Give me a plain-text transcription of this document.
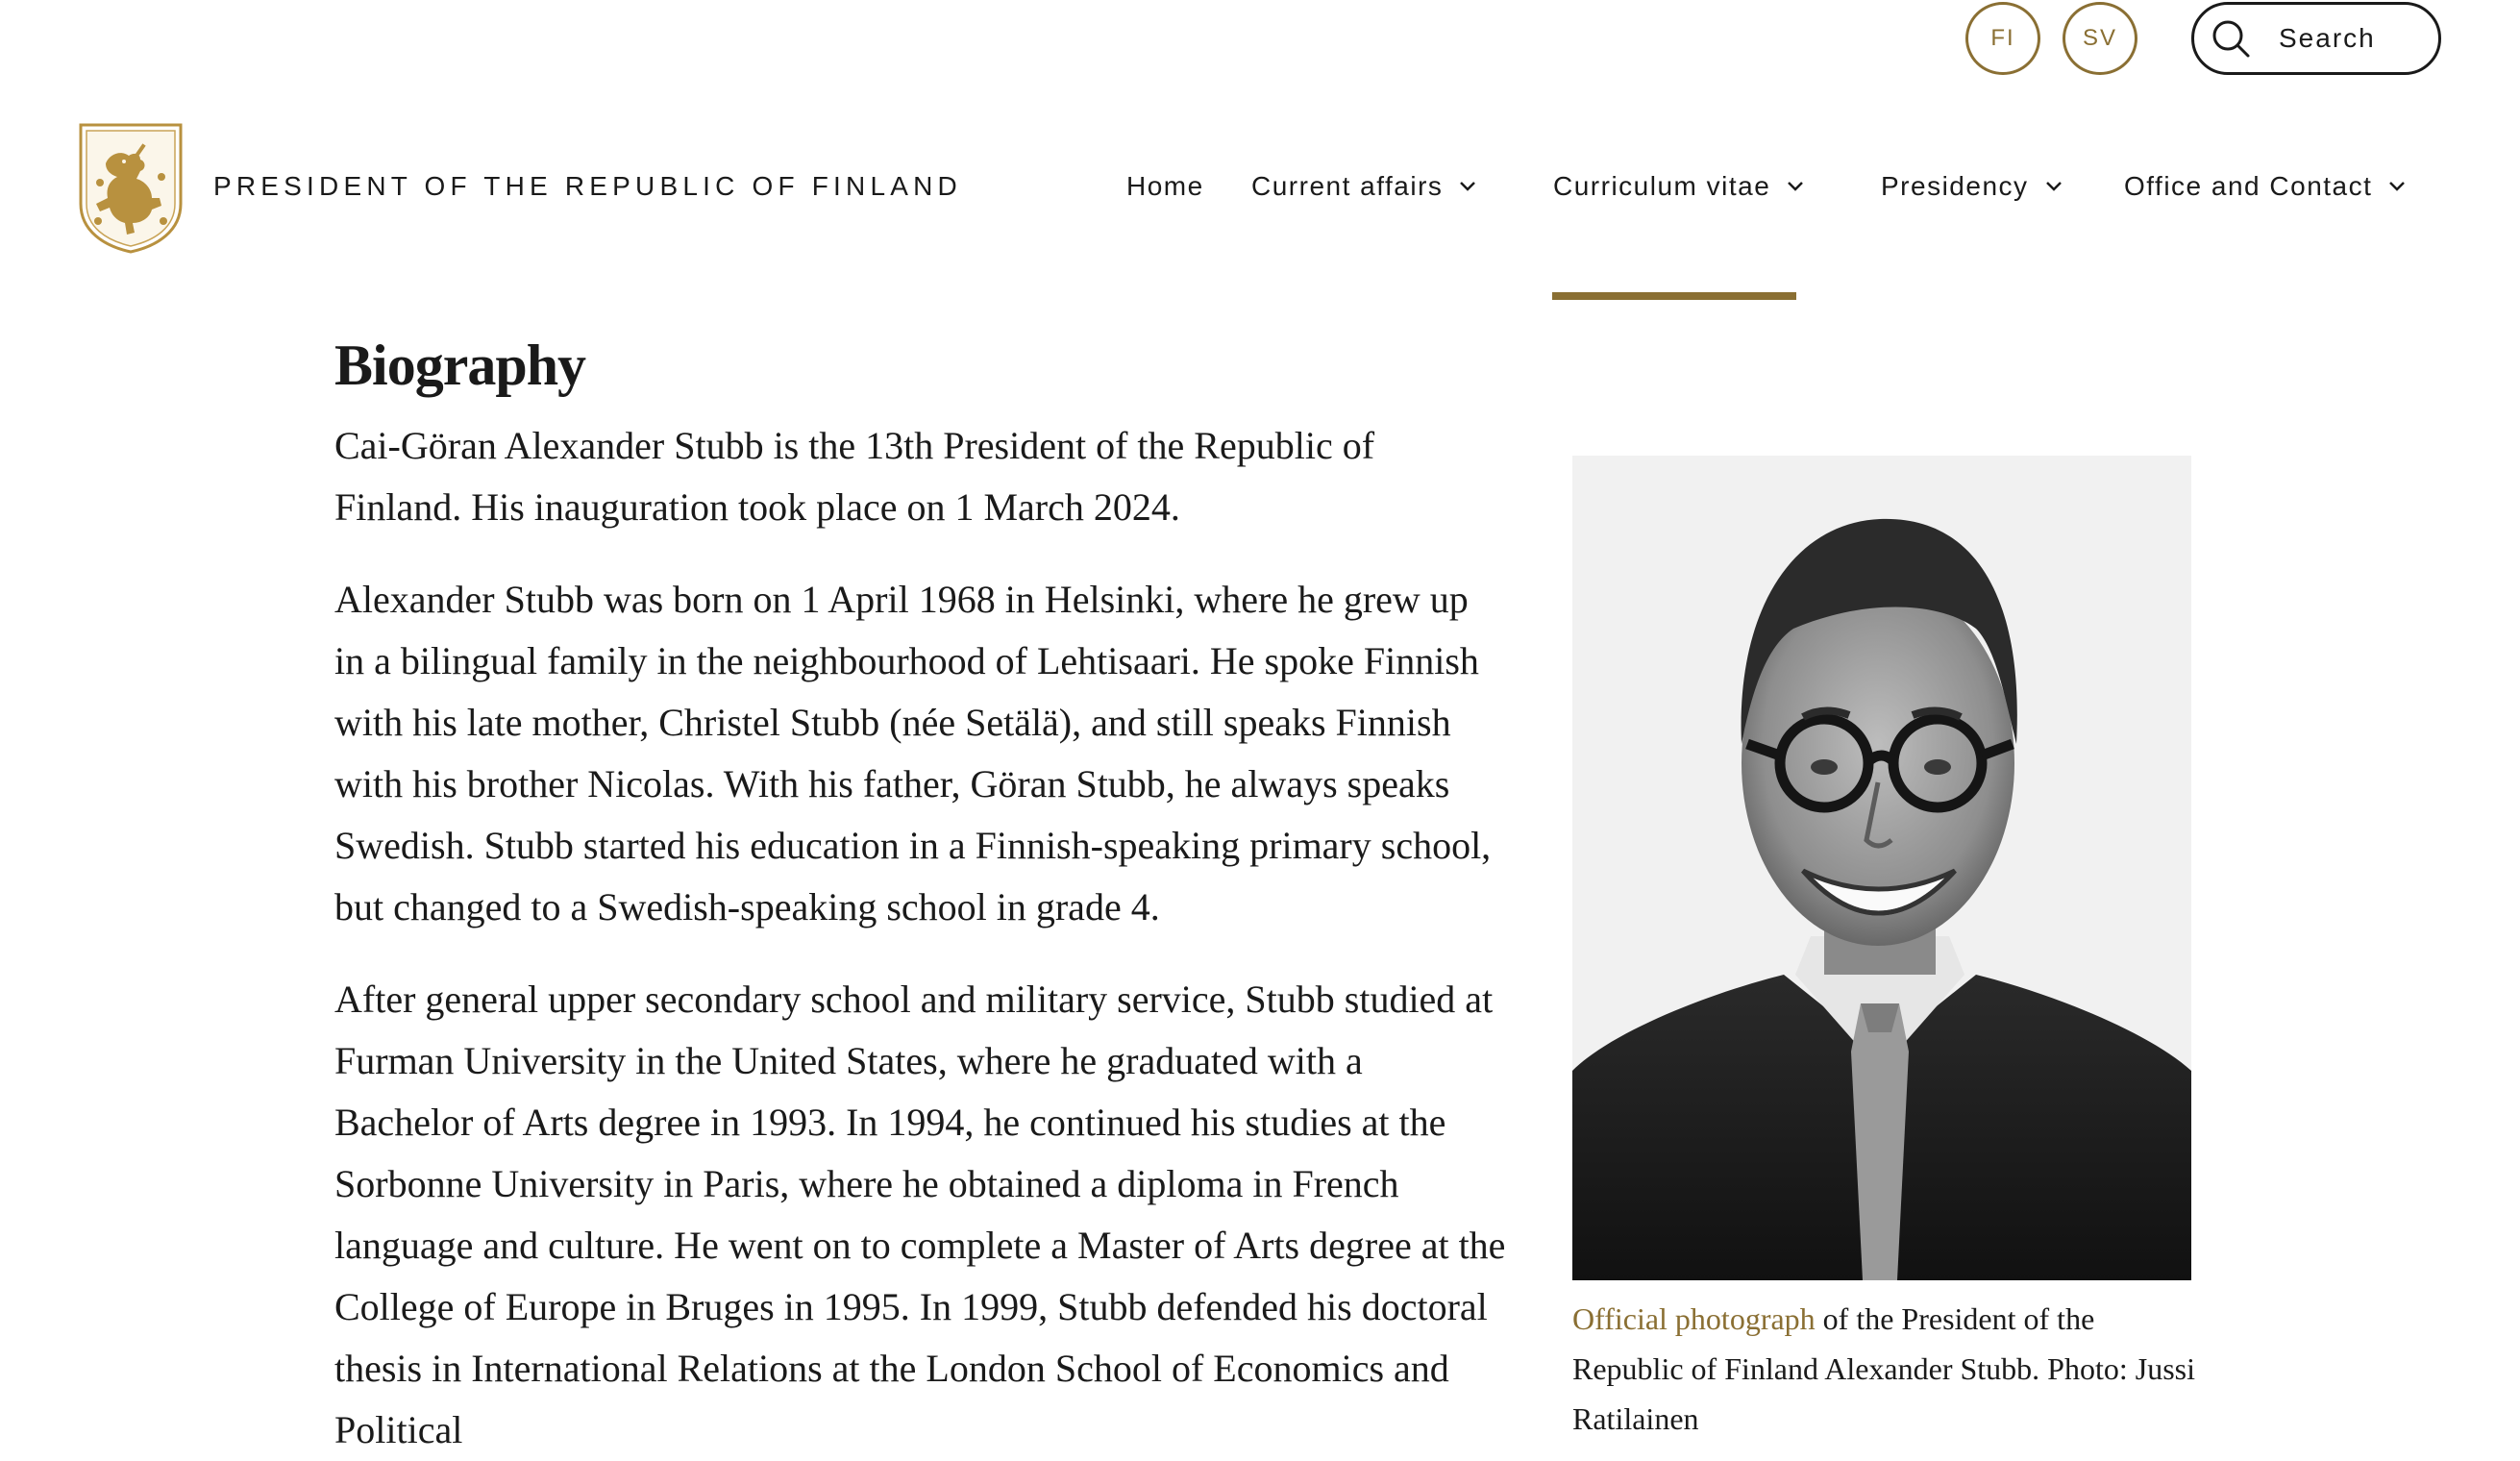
FI	SV	Search
PRESIDENT OF THE REPUBLIC OF FINLAND	Home Current affairs	Curriculum vitae	Presidency	Office and Contact
Biography

Cai-Göran Alexander Stubb is the 13th President of the Republic of Finland. His inauguration took place on 1 March 2024.

Alexander Stubb was born on 1 April 1968 in Helsinki, where he grew up in a bilingual family in the neighbourhood of Lehtisaari. He spoke Finnish with his late mother, Christel Stubb (née Setälä), and still speaks Finnish with his brother Nicolas. With his father, Göran Stubb, he always speaks Swedish. Stubb started his education in a Finnish-speaking primary school, but changed to a Swedish-speaking school in grade 4.

After general upper secondary school and military service, Stubb studied at Furman University in the United States, where he graduated with a Bachelor of Arts degree in 1993. In 1994, he continued his studies at the Sorbonne University in Paris, where he obtained a diploma in French language and culture. He went on to complete a Master of Arts degree at the College of Europe in Bruges in 1995. In 1999, Stubb defended his doctoral thesis in International Relations at the London School of Economics and Political

Official photograph of the President of the Republic of Finland Alexander Stubb. Photo: Jussi Ratilainen
